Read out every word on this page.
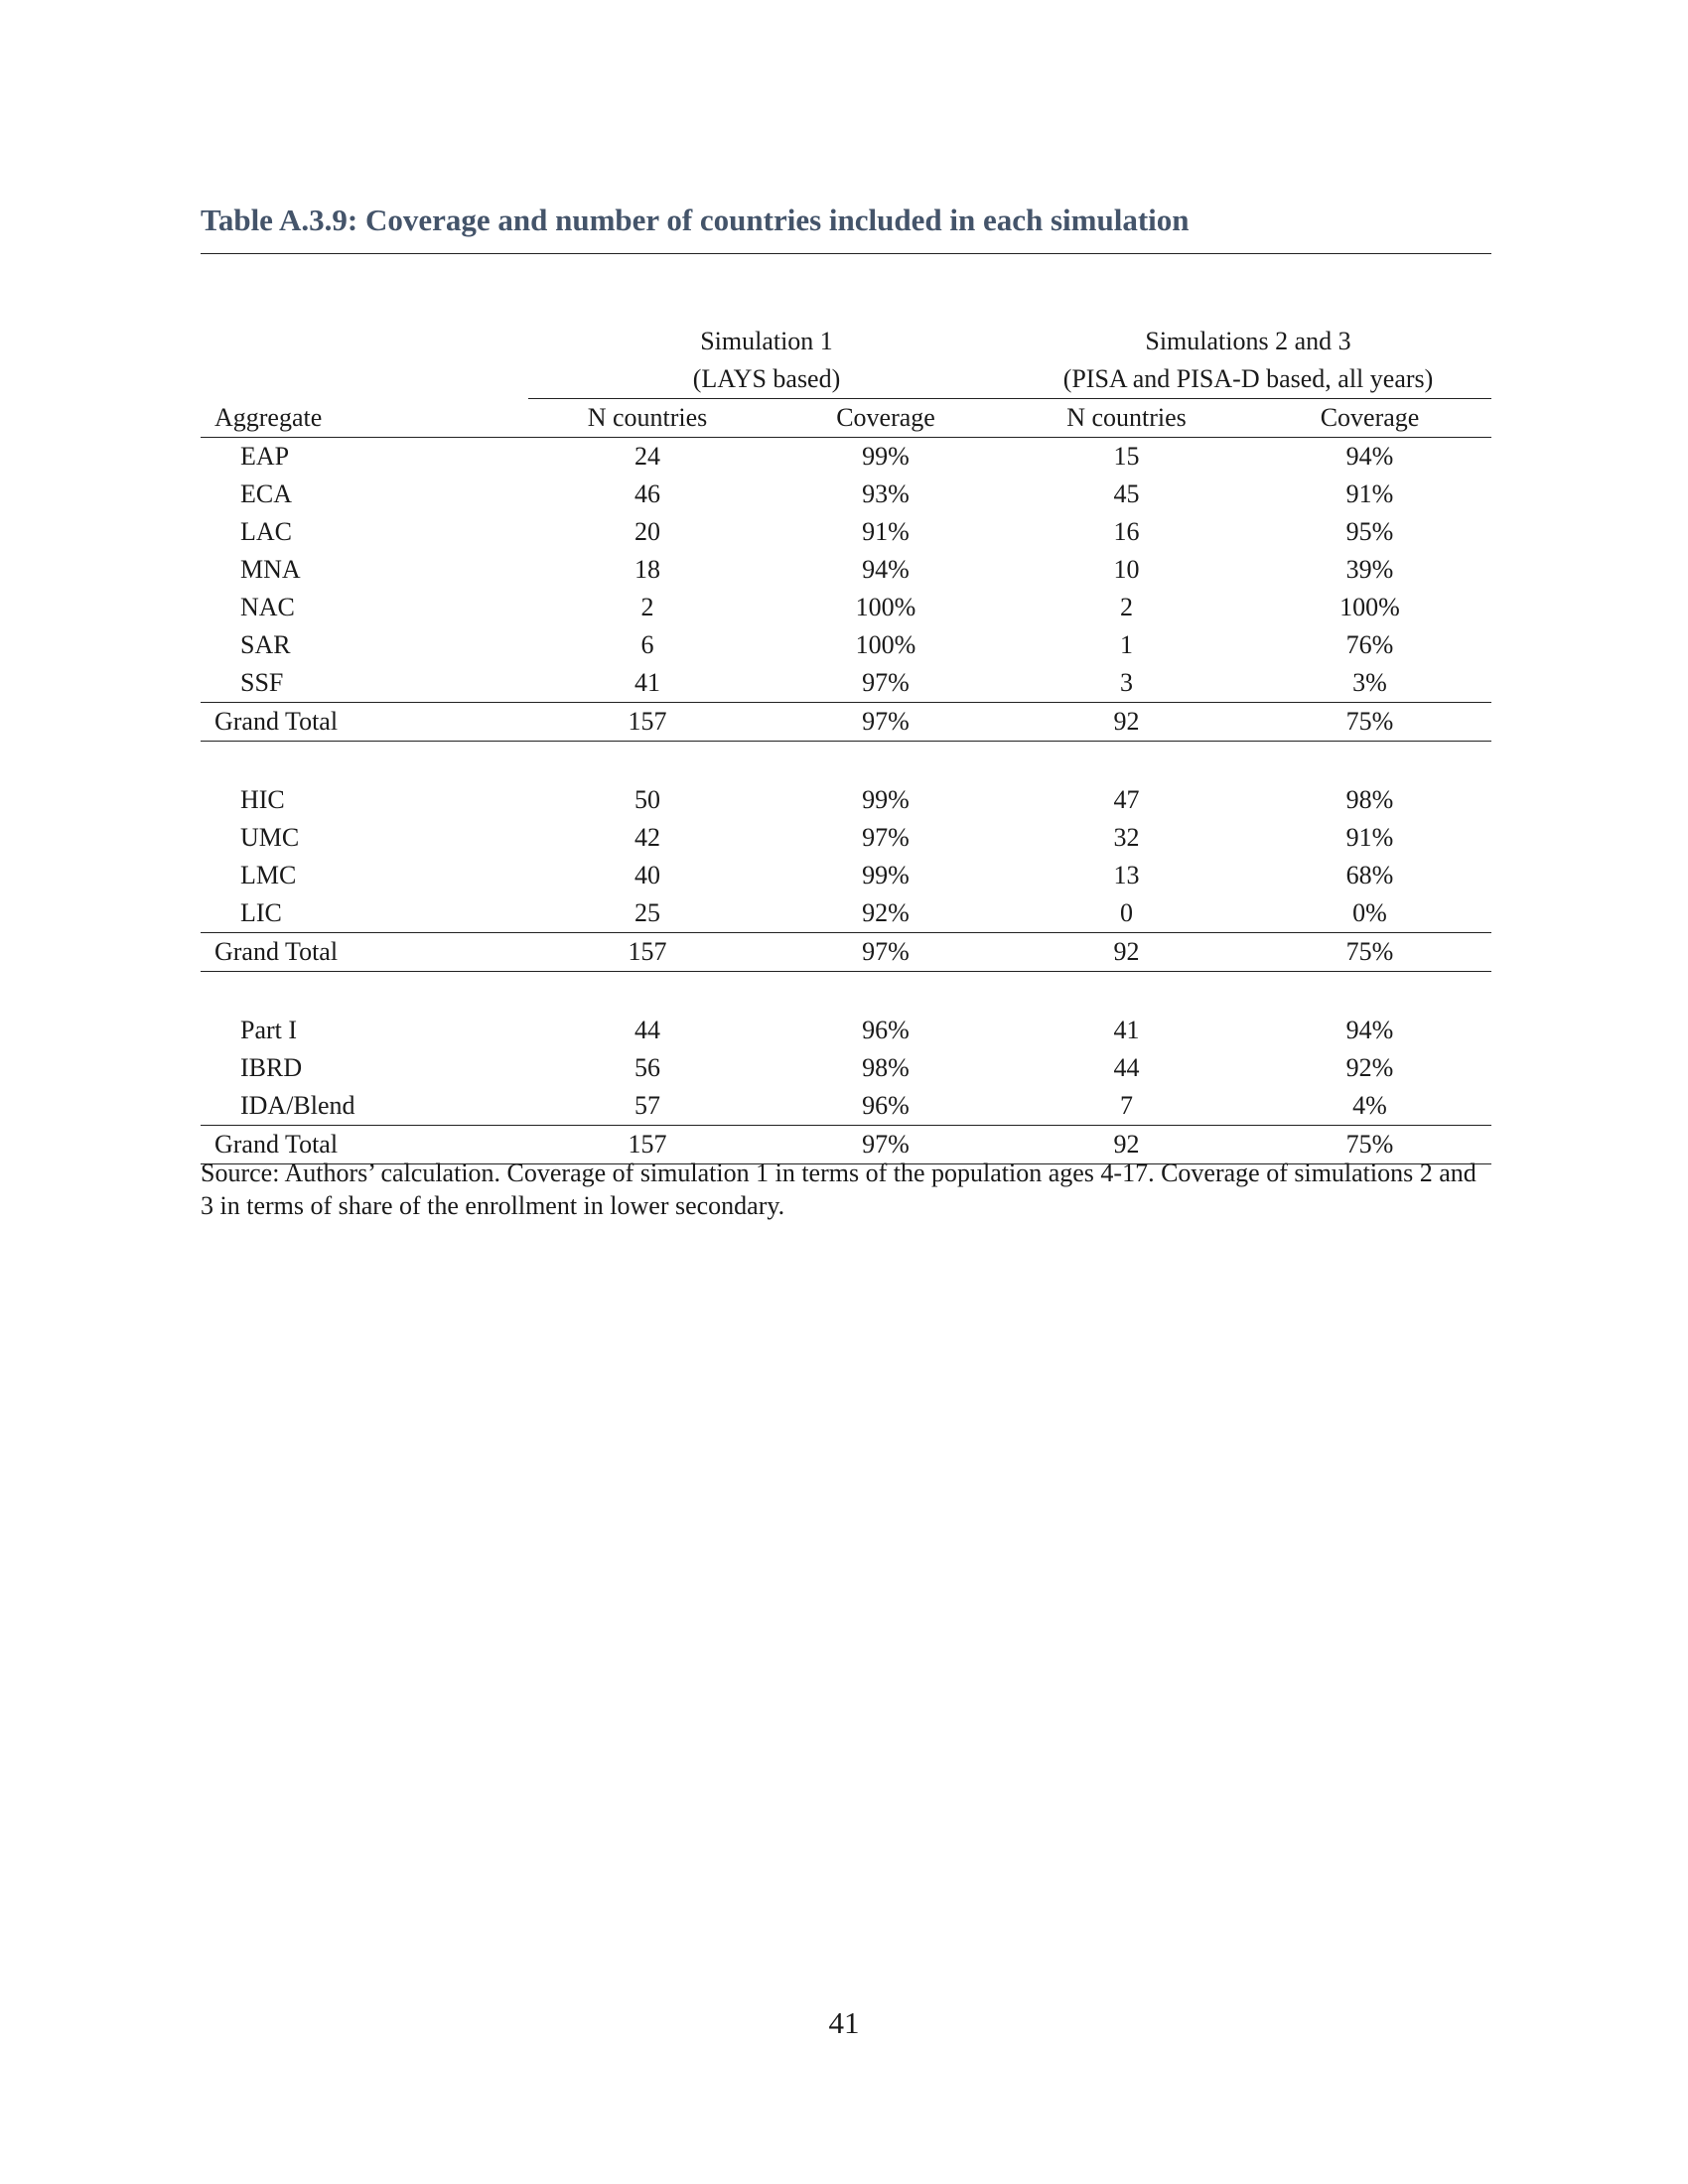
Table A.3.9: Coverage and number of countries included in each simulation
	Simulation 1		Simulations 2 and 3	
	(LAYS based)		(PISA and PISA-D based, all years)	
Aggregate	N countries	Coverage	N countries	Coverage
EAP	24	99%	15	94%
ECA	46	93%	45	91%
LAC	20	91%	16	95%
MNA	18	94%	10	39%
NAC	2	100%	2	100%
SAR	6	100%	1	76%
SSF	41	97%	3	3%
Grand Total	157	97%	92	75%

HIC	50	99%	47	98%
UMC	42	97%	32	91%
LMC	40	99%	13	68%
LIC	25	92%	0	0%
Grand Total	157	97%	92	75%

Part I	44	96%	41	94%
IBRD	56	98%	44	92%
IDA/Blend	57	96%	7	4%
Grand Total	157	97%	92	75%

Source: Authors’ calculation. Coverage of simulation 1 in terms of the population ages 4-17. Coverage of simulations 2 and 3 in terms of share of the enrollment in lower secondary.

41
